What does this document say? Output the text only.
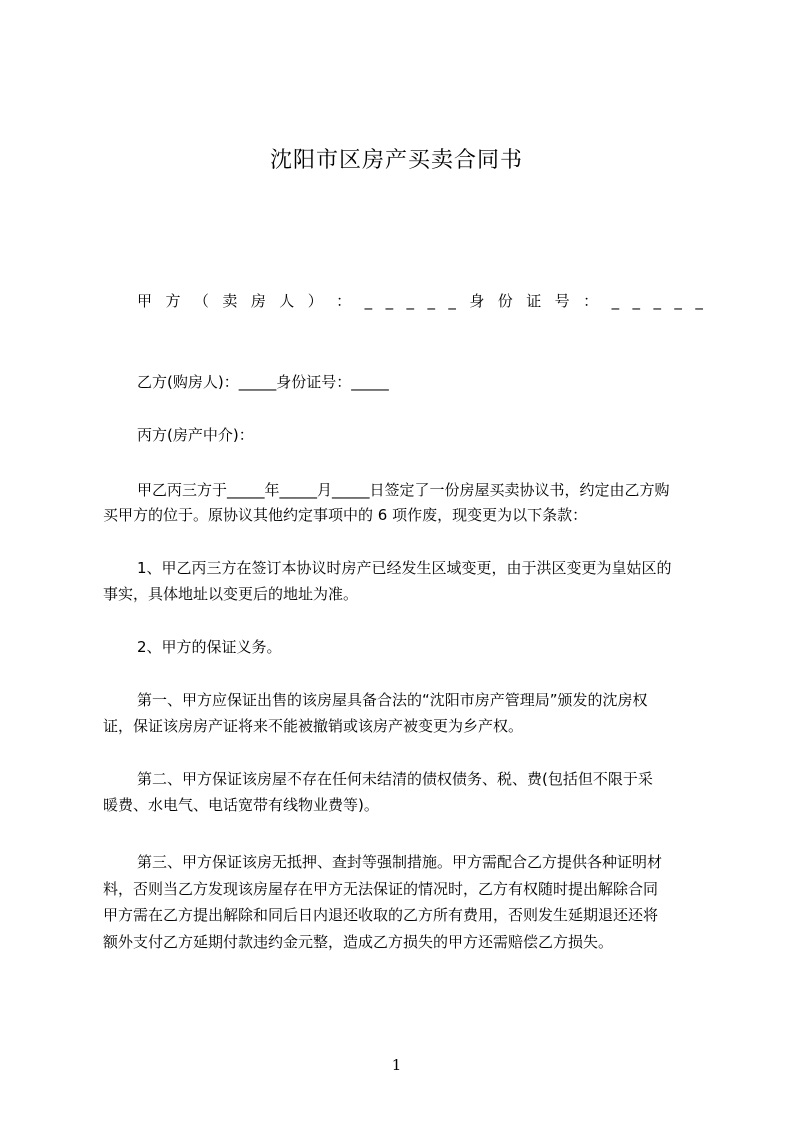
沈阳市区房产买卖合同书
甲 方 （ 卖 房 人 ） ： _ _ _ _ _ 身 份 证 号 ： _ _ _ _ _
乙方(购房人)：_____身份证号：_____
丙方(房产中介)：
甲乙丙三方于_____年_____月_____日签定了一份房屋买卖协议书，约定由乙方购
买甲方的位于。原协议其他约定事项中的 6 项作废，现变更为以下条款：
1、甲乙丙三方在签订本协议时房产已经发生区域变更，由于洪区变更为皇姑区的
事实，具体地址以变更后的地址为准。
2、甲方的保证义务。
第一、甲方应保证出售的该房屋具备合法的“沈阳市房产管理局”颁发的沈房权
证，保证该房房产证将来不能被撤销或该房产被变更为乡产权。
第二、甲方保证该房屋不存在任何未结清的债权债务、税、费(包括但不限于采
暖费、水电气、电话宽带有线物业费等)。
第三、甲方保证该房无抵押、查封等强制措施。甲方需配合乙方提供各种证明材
料，否则当乙方发现该房屋存在甲方无法保证的情况时，乙方有权随时提出解除合同
甲方需在乙方提出解除和同后日内退还收取的乙方所有费用，否则发生延期退还还将
额外支付乙方延期付款违约金元整，造成乙方损失的甲方还需赔偿乙方损失。
1
